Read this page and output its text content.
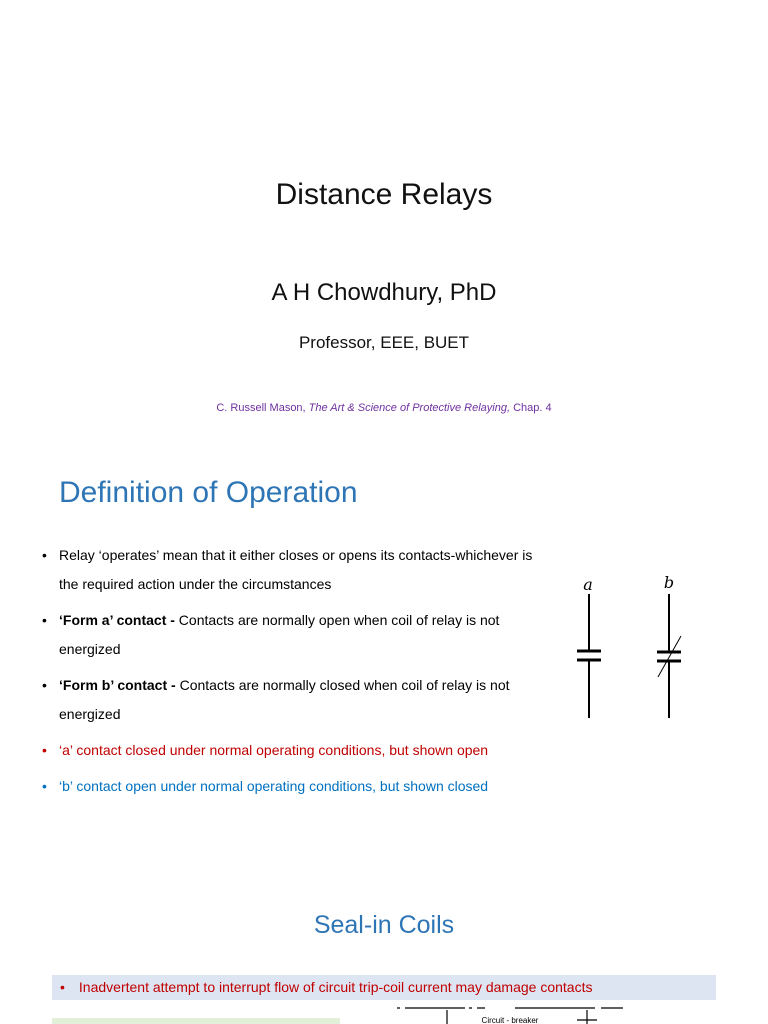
Distance Relays
A H Chowdhury, PhD
Professor, EEE, BUET
C. Russell Mason, The Art & Science of Protective Relaying, Chap. 4
Definition of Operation
• Relay ‘operates’ mean that it either closes or opens its contacts-whichever is the required action under the circumstances
• ‘Form a’ contact - Contacts are normally open when coil of relay is not energized
• ‘Form b’ contact - Contacts are normally closed when coil of relay is not energized
• ‘a’ contact closed under normal operating conditions, but shown open
• ‘b’ contact open under normal operating conditions, but shown closed
a	b
Seal-in Coils
• Inadvertent attempt to interrupt flow of circuit trip-coil current may damage contacts
Circuit - breaker
